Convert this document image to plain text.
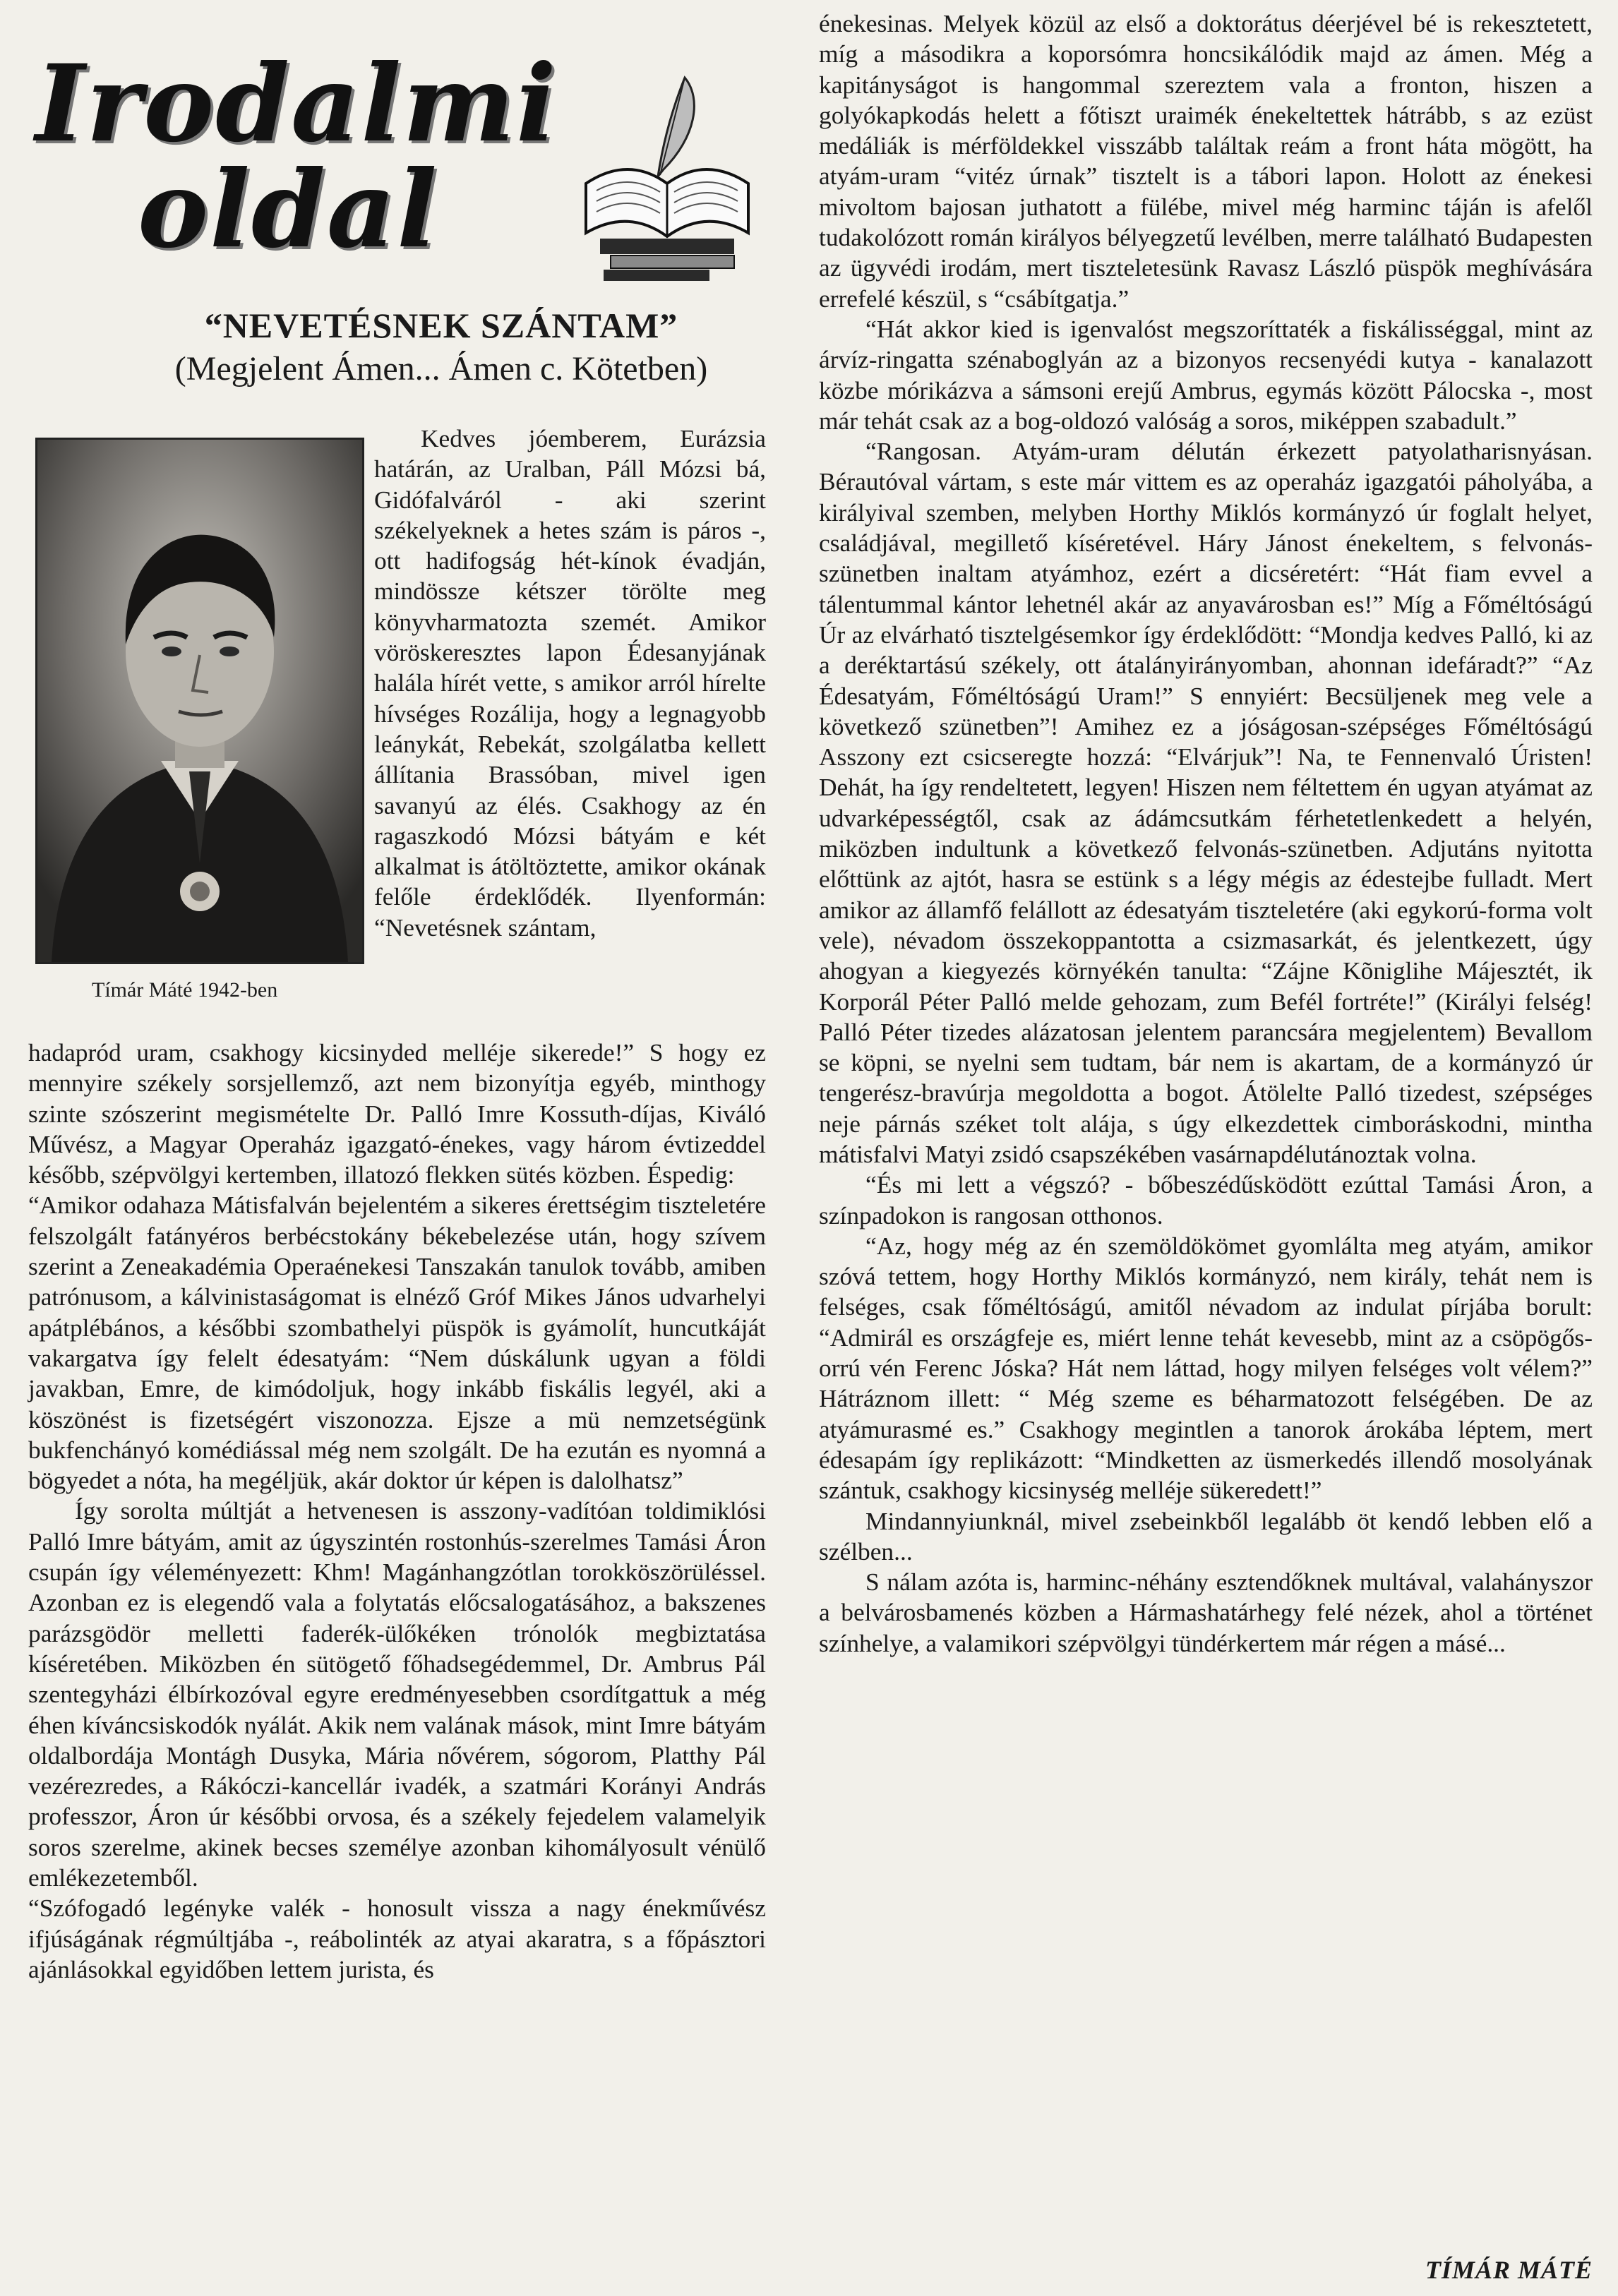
Irodalmi
oldal
“NEVETÉSNEK SZÁNTAM”
(Megjelent Ámen... Ámen c. Kötetben)
Tímár Máté 1942-ben

Kedves jóemberem, Eurázsia határán, az Uralban, Páll Mózsi bá, Gidófalváról - aki szerint székelyeknek a hetes szám is páros -, ott hadifogság hét-kínok évadján, mindössze kétszer törölte meg könyvharmatozta szemét. Amikor vöröskeresztes lapon Édesanyjának halála hírét vette, s amikor arról hírelte hívséges Rozálija, hogy a legnagyobb leánykát, Rebekát, szolgálatba kellett állítania Brassóban, mivel igen savanyú az élés. Csakhogy az én ragaszkodó Mózsi bátyám e két alkalmat is átöltöztette, amikor okának felőle érdeklődék. Ilyenformán: “Nevetésnek szántam,

hadapród uram, csakhogy kicsinyded melléje sikerede!” S hogy ez mennyire székely sorsjellemző, azt nem bizonyítja egyéb, minthogy szinte szószerint megismételte Dr. Palló Imre Kossuth-díjas, Kiváló Művész, a Magyar Operaház igazgató-énekes, vagy három évtizeddel később, szépvölgyi kertemben, illatozó flekken sütés közben. Éspedig:

“Amikor odahaza Mátisfalván bejelentém a sikeres érettségim tiszteletére felszolgált fatányéros berbécstokány békebelezése után, hogy szívem szerint a Zeneakadémia Operaénekesi Tanszakán tanulok tovább, amiben patrónusom, a kálvinistaságomat is elnéző Gróf Mikes János udvarhelyi apátplébános, a későbbi szombathelyi püspök is gyámolít, huncutkáját vakargatva így felelt édesatyám: “Nem dúskálunk ugyan a földi javakban, Emre, de kimódoljuk, hogy inkább fiskális legyél, aki a köszönést is fizetségért viszonozza. Ejsze a mü nemzetségünk bukfenchányó komédiással még nem szolgált. De ha ezután es nyomná a bögyedet a nóta, ha megéljük, akár doktor úr képen is dalolhatsz”

Így sorolta múltját a hetvenesen is asszony-vadítóan toldimiklósi Palló Imre bátyám, amit az úgyszintén rostonhús-szerelmes Tamási Áron csupán így véleményezett: Khm! Magánhangzótlan torokköszörüléssel. Azonban ez is elegendő vala a folytatás előcsalogatásához, a bakszenes parázsgödör melletti faderék-ülőkéken trónolók megbiztatása kíséretében. Miközben én sütögető főhadsegédemmel, Dr. Ambrus Pál szentegyházi élbírkozóval egyre eredményesebben csordítgattuk a még éhen kíváncsiskodók nyálát. Akik nem valának mások, mint Imre bátyám oldalbordája Montágh Dusyka, Mária nővérem, sógorom, Platthy Pál vezérezredes, a Rákóczi-kancellár ivadék, a szatmári Korányi András professzor, Áron úr későbbi orvosa, és a székely fejedelem valamelyik soros szerelme, akinek becses személye azonban kihomályosult vénülő emlékezetemből.

“Szófogadó legényke valék - honosult vissza a nagy énekművész ifjúságának régmúltjába -, reábolinték az atyai akaratra, s a főpásztori ajánlásokkal egyidőben lettem jurista, és

énekesinas. Melyek közül az első a doktorátus déerjével bé is rekesztetett, míg a másodikra a koporsómra honcsikálódik majd az ámen. Még a kapitányságot is hangommal szereztem vala a fronton, hiszen a golyókapkodás helett a főtiszt uraimék énekeltettek hátrább, s az ezüst medáliák is mérföldekkel visszább találtak reám a front háta mögött, ha atyám-uram “vitéz úrnak” tisztelt is a tábori lapon. Holott az énekesi mivoltom bajosan juthatott a fülébe, mivel még harminc táján is afelől tudakolózott román királyos bélyegzetű levélben, merre található Budapesten az ügyvédi irodám, mert tiszteletesünk Ravasz László püspök meghívására errefelé készül, s “csábítgatja.”

“Hát akkor kied is igenvalóst megszoríttaték a fiskálisséggal, mint az árvíz-ringatta szénaboglyán az a bizonyos recsenyédi kutya - kanalazott közbe mórikázva a sámsoni erejű Ambrus, egymás között Pálocska -, most már tehát csak az a bog-oldozó valóság a soros, miképpen szabadult.”

“Rangosan. Atyám-uram délután érkezett patyolatharisnyásan. Bérautóval vártam, s este már vittem es az operaház igazgatói páholyába, a királyival szemben, melyben Horthy Miklós kormányzó úr foglalt helyet, családjával, megillető kíséretével. Háry Jánost énekeltem, s felvonás-szünetben inaltam atyámhoz, ezért a dicséretért: “Hát fiam evvel a tálentummal kántor lehetnél akár az anyavárosban es!” Míg a Főméltóságú Úr az elvárható tisztelgésemkor így érdeklődött: “Mondja kedves Palló, ki az a deréktartású székely, ott átalányirányomban, ahonnan idefáradt?” “Az Édesatyám, Főméltóságú Uram!” S ennyiért: Becsüljenek meg vele a következő szünetben”! Amihez ez a jóságosan-szépséges Főméltóságú Asszony ezt csicseregte hozzá: “Elvárjuk”! Na, te Fennenvaló Úristen! Dehát, ha így rendeltetett, legyen! Hiszen nem féltettem én ugyan atyámat az udvarképességtől, csak az ádámcsutkám férhetetlenkedett a helyén, miközben indultunk a következő felvonás-szünetben. Adjutáns nyitotta előttünk az ajtót, hasra se estünk s a légy mégis az édestejbe fulladt. Mert amikor az államfő felállott az édesatyám tiszteletére (aki egykorú-forma volt vele), névadom összekoppantotta a csizmasarkát, és jelentkezett, úgy ahogyan a kiegyezés környékén tanulta: “Zájne Kõniglihe Májesztét, ik Korporál Péter Palló melde gehozam, zum Befél fortréte!” (Királyi felség! Palló Péter tizedes alázatosan jelentem parancsára megjelentem) Bevallom se köpni, se nyelni sem tudtam, bár nem is akartam, de a kormányzó úr tengerész-bravúrja megoldotta a bogot. Átölelte Palló tizedest, szépséges neje párnás széket tolt alája, s úgy elkezdettek cimboráskodni, mintha mátisfalvi Matyi zsidó csapszékében vasárnapdélutánoztak volna.

“És mi lett a végszó? - bőbeszédűsködött ezúttal Tamási Áron, a színpadokon is rangosan otthonos.

“Az, hogy még az én szemöldökömet gyomlálta meg atyám, amikor szóvá tettem, hogy Horthy Miklós kormányzó, nem király, tehát nem is felséges, csak főméltóságú, amitől névadom az indulat pírjába borult: “Admirál es országfeje es, miért lenne tehát kevesebb, mint az a csöpögős-orrú vén Ferenc Jóska? Hát nem láttad, hogy milyen felséges volt vélem?” Hátráznom illett: “ Még szeme es béharmatozott felségében. De az atyámurasmé es.” Csakhogy megintlen a tanorok árokába léptem, mert édesapám így replikázott: “Mindketten az üsmerkedés illendő mosolyának szántuk, csakhogy kicsinység melléje sükeredett!”

Mindannyiunknál, mivel zsebeinkből legalább öt kendő lebben elő a szélben...

S nálam azóta is, harminc-néhány esztendőknek multával, valahányszor a belvárosbamenés közben a Hármashatárhegy felé nézek, ahol a történet színhelye, a valamikori szépvölgyi tündérkertem már régen a másé...

TÍMÁR MÁTÉ
